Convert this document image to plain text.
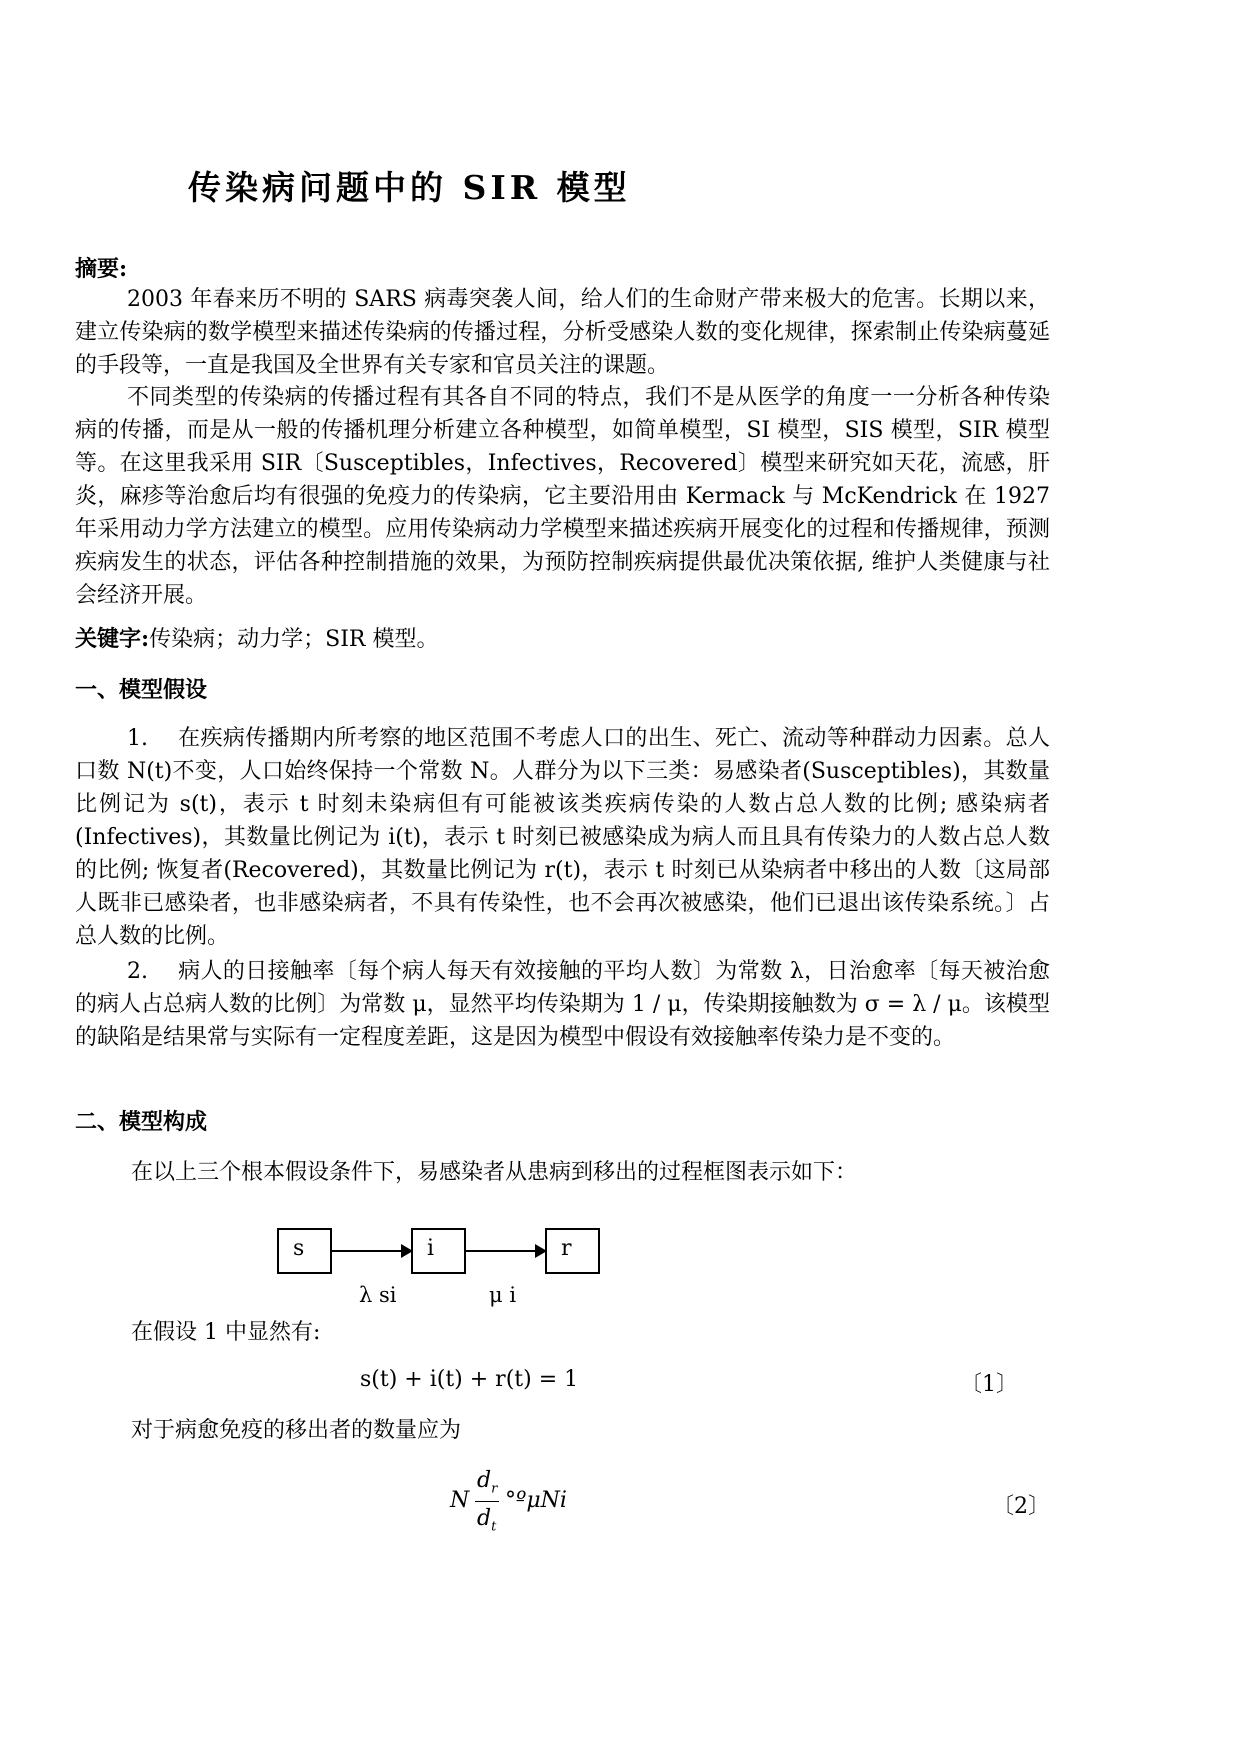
传染病问题中的 SIR 模型
摘要:
2003 年春来历不明的 SARS 病毒突袭人间，给人们的生命财产带来极大的危害。长期以来，建立传染病的数学模型来描述传染病的传播过程，分析受感染人数的变化规律，探索制止传染病蔓延的手段等，一直是我国及全世界有关专家和官员关注的课题。
不同类型的传染病的传播过程有其各自不同的特点，我们不是从医学的角度一一分析各种传染病的传播，而是从一般的传播机理分析建立各种模型，如简单模型，SI 模型，SIS 模型，SIR 模型等。在这里我采用 SIR〔Susceptibles，Infectives，Recovered〕模型来研究如天花，流感，肝炎，麻疹等治愈后均有很强的免疫力的传染病，它主要沿用由 Kermack 与 McKendrick 在 1927 年采用动力学方法建立的模型。应用传染病动力学模型来描述疾病开展变化的过程和传播规律，预测疾病发生的状态，评估各种控制措施的效果，为预防控制疾病提供最优决策依据, 维护人类健康与社会经济开展。
关键字:传染病；动力学；SIR 模型。
一、模型假设
1.　 在疾病传播期内所考察的地区范围不考虑人口的出生、死亡、流动等种群动力因素。总人口数 N(t)不变，人口始终保持一个常数 N。人群分为以下三类：易感染者(Susceptibles)，其数量比例记为 s(t)，表示 t 时刻未染病但有可能被该类疾病传染的人数占总人数的比例; 感染病者(Infectives)，其数量比例记为 i(t)，表示 t 时刻已被感染成为病人而且具有传染力的人数占总人数的比例; 恢复者(Recovered)，其数量比例记为 r(t)，表示 t 时刻已从染病者中移出的人数〔这局部人既非已感染者，也非感染病者，不具有传染性，也不会再次被感染，他们已退出该传染系统。〕占总人数的比例。
2.　 病人的日接触率〔每个病人每天有效接触的平均人数〕为常数 λ，日治愈率〔每天被治愈的病人占总病人数的比例〕为常数 μ，显然平均传染期为 1 / μ，传染期接触数为 σ = λ / μ。该模型的缺陷是结果常与实际有一定程度差距，这是因为模型中假设有效接触率传染力是不变的。
二、模型构成
在以上三个根本假设条件下，易感染者从患病到移出的过程框图表示如下：
s	i	r
λ si	μ i
在假设 1 中显然有:
s(t) + i(t) + r(t) = 1	〔1〕
对于病愈免疫的移出者的数量应为
N
$d_r$
$d_t$
°ºμNi	〔2〕
